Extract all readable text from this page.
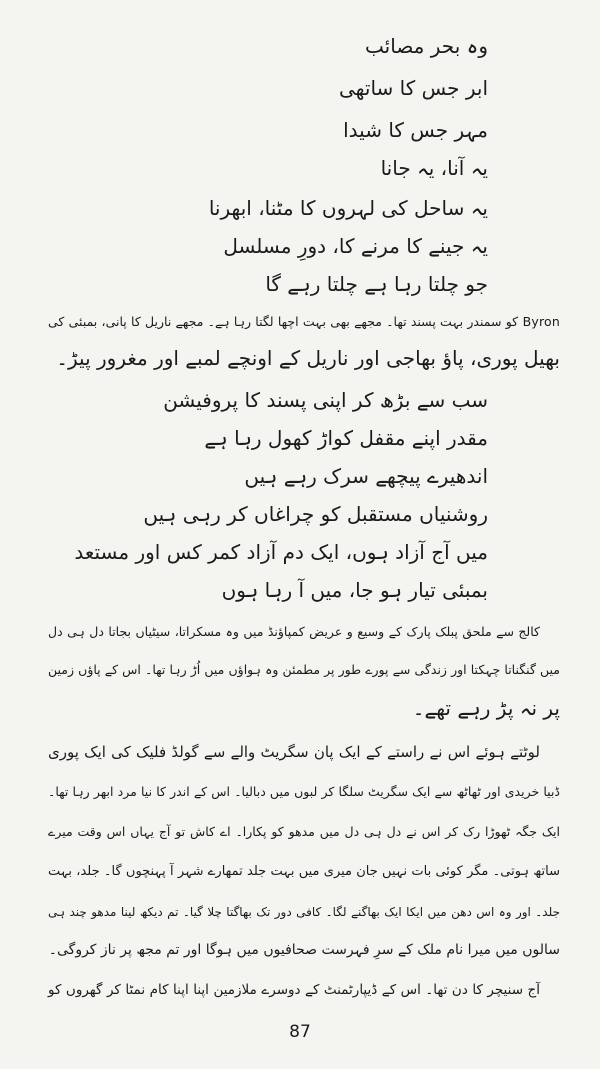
وہ بحر مصائب
ابر جس کا ساتھی
مہر جس کا شیدا
یہ آنا، یہ جانا
یہ ساحل کی لہروں کا مٹنا، ابھرنا
یہ جینے کا مرنے کا، دورِ مسلسل
جو چلتا رہا ہے چلتا رہے گا
Byron کو سمندر بہت پسند تھا۔ مجھے بھی بہت اچھا لگتا رہا ہے۔ مجھے ناریل کا پانی، بمبئی کی
بھیل پوری، پاؤ بھاجی اور ناریل کے اونچے لمبے اور مغرور پیڑ۔
سب سے بڑھ کر اپنی پسند کا پروفیشن
مقدر اپنے مقفل کواڑ کھول رہا ہے
اندھیرے پیچھے سرک رہے ہیں
روشنیاں مستقبل کو چراغاں کر رہی ہیں
میں آج آزاد ہوں، ایک دم آزاد کمر کس اور مستعد
بمبئی تیار ہو جا، میں آ رہا ہوں
کالج سے ملحق پبلک پارک کے وسیع و عریض کمپاؤنڈ میں وہ مسکراتا، سیٹیاں بجاتا دل ہی دل
میں گنگناتا چہکتا اور زندگی سے پورے طور پر مطمئن وہ ہواؤں میں اُڑ رہا تھا۔ اس کے پاؤں زمین
پر نہ پڑ رہے تھے۔
لوٹتے ہوئے اس نے راستے کے ایک پان سگریٹ والے سے گولڈ فلیک کی ایک پوری
ڈبیا خریدی اور ٹھاٹھ سے ایک سگریٹ سلگا کر لبوں میں دبالیا۔ اس کے اندر کا نیا مرد ابھر رہا تھا۔
ایک جگہ ٹھوڑا رک کر اس نے دل ہی دل میں مدھو کو پکارا۔ اے کاش تو آج یہاں اس وقت میرے
ساتھ ہوتی۔ مگر کوئی بات نہیں جان میری میں بہت جلد تمھارے شہر آ پہنچوں گا۔ جلد، بہت
جلد۔ اور وہ اس دھن میں ایکا ایک بھاگنے لگا۔ کافی دور تک بھاگتا چلا گیا۔ تم دیکھ لینا مدھو چند ہی
سالوں میں میرا نام ملک کے سرِ فہرست صحافیوں میں ہوگا اور تم مجھ پر ناز کروگی۔
آج سنیچر کا دن تھا۔ اس کے ڈیپارٹمنٹ کے دوسرے ملازمین اپنا اپنا کام نمٹا کر گھروں کو
87
